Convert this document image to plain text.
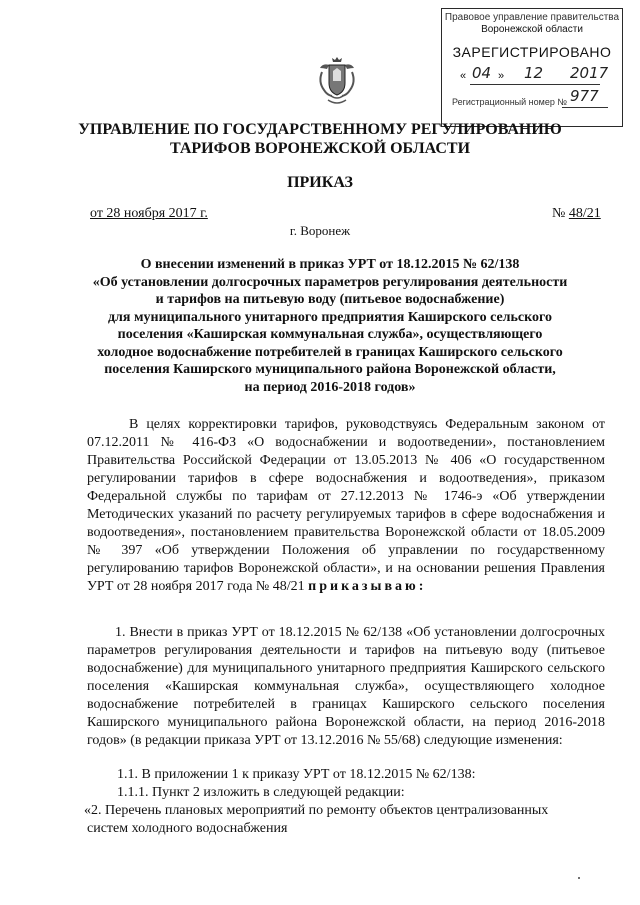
Правовое управление правительства
Воронежской области
ЗАРЕГИСТРИРОВАНО
« 04 » 12 2017
Регистрационный номер № 977
УПРАВЛЕНИЕ ПО ГОСУДАРСТВЕННОМУ РЕГУЛИРОВАНИЮ
ТАРИФОВ ВОРОНЕЖСКОЙ ОБЛАСТИ
ПРИКАЗ
от 28 ноября 2017 г.	№ 48/21
г. Воронеж
О внесении изменений в приказ УРТ от 18.12.2015 № 62/138
«Об установлении долгосрочных параметров регулирования деятельности
и тарифов на питьевую воду (питьевое водоснабжение)
для муниципального унитарного предприятия Каширского сельского
поселения «Каширская коммунальная служба», осуществляющего
холодное водоснабжение потребителей в границах Каширского сельского
поселения Каширского муниципального района Воронежской области,
на период 2016-2018 годов»
В целях корректировки тарифов, руководствуясь Федеральным законом от 07.12.2011 № 416-ФЗ «О водоснабжении и водоотведении», постановлением Правительства Российской Федерации от 13.05.2013 № 406 «О государственном регулировании тарифов в сфере водоснабжения и водоотведения», приказом Федеральной службы по тарифам от 27.12.2013 № 1746-э «Об утверждении Методических указаний по расчету регулируемых тарифов в сфере водоснабжения и водоотведения», постановлением правительства Воронежской области от 18.05.2009 № 397 «Об утверждении Положения об управлении по государственному регулированию тарифов Воронежской области», и на основании решения Правления УРТ от 28 ноября 2017 года № 48/21 приказываю:
1. Внести в приказ УРТ от 18.12.2015 № 62/138 «Об установлении долгосрочных параметров регулирования деятельности и тарифов на питьевую воду (питьевое водоснабжение) для муниципального унитарного предприятия Каширского сельского поселения «Каширская коммунальная служба», осуществляющего холодное водоснабжение потребителей в границах Каширского сельского поселения Каширского муниципального района Воронежской области, на период 2016-2018 годов» (в редакции приказа УРТ от 13.12.2016 № 55/68) следующие изменения:
1.1. В приложении 1 к приказу УРТ от 18.12.2015 № 62/138:
1.1.1. Пункт 2 изложить в следующей редакции:
«2. Перечень плановых мероприятий по ремонту объектов централизованных
систем холодного водоснабжения
